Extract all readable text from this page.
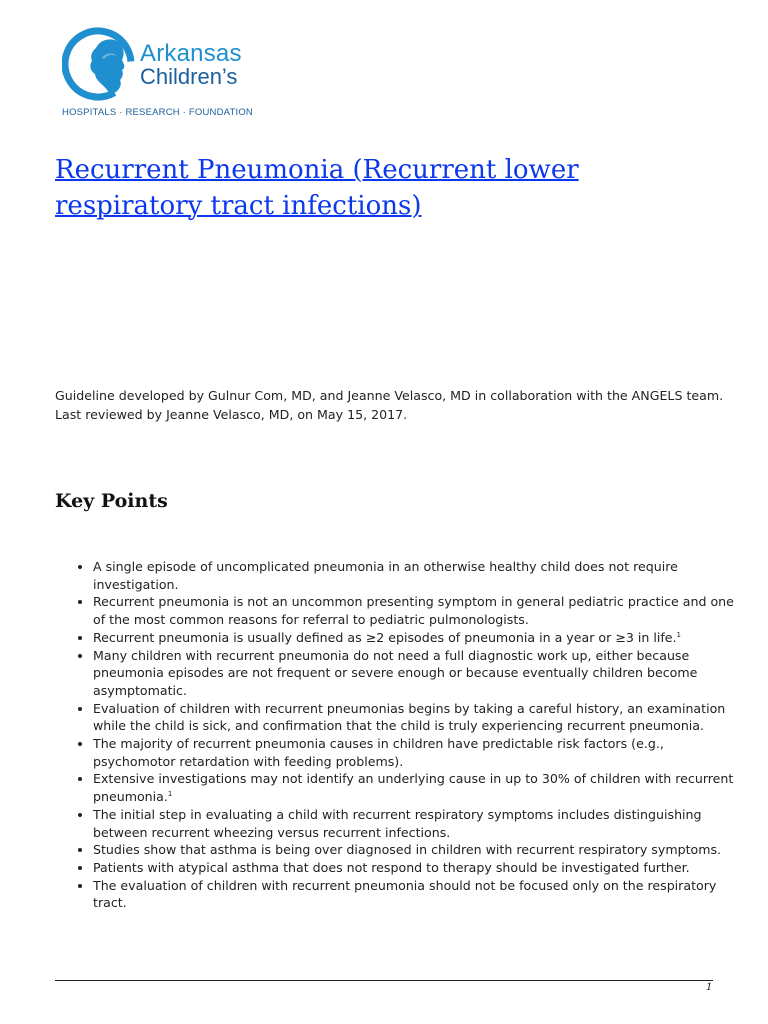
Arkansas
Children’s
HOSPITALS · RESEARCH · FOUNDATION
Recurrent Pneumonia (Recurrent lower respiratory tract infections)

Guideline developed by Gulnur Com, MD, and Jeanne Velasco, MD in collaboration with the ANGELS team. Last reviewed by Jeanne Velasco, MD, on May 15, 2017.

Key Points
• A single episode of uncomplicated pneumonia in an otherwise healthy child does not require investigation.
• Recurrent pneumonia is not an uncommon presenting symptom in general pediatric practice and one of the most common reasons for referral to pediatric pulmonologists.
• Recurrent pneumonia is usually defined as ≥2 episodes of pneumonia in a year or ≥3 in life.$^1$
• Many children with recurrent pneumonia do not need a full diagnostic work up, either because pneumonia episodes are not frequent or severe enough or because eventually children become asymptomatic.
• Evaluation of children with recurrent pneumonias begins by taking a careful history, an examination while the child is sick, and confirmation that the child is truly experiencing recurrent pneumonia.
• The majority of recurrent pneumonia causes in children have predictable risk factors (e.g., psychomotor retardation with feeding problems).
• Extensive investigations may not identify an underlying cause in up to 30% of children with recurrent pneumonia.$^1$
• The initial step in evaluating a child with recurrent respiratory symptoms includes distinguishing between recurrent wheezing versus recurrent infections.
• Studies show that asthma is being over diagnosed in children with recurrent respiratory symptoms.
• Patients with atypical asthma that does not respond to therapy should be investigated further.
• The evaluation of children with recurrent pneumonia should not be focused only on the respiratory tract.
1
